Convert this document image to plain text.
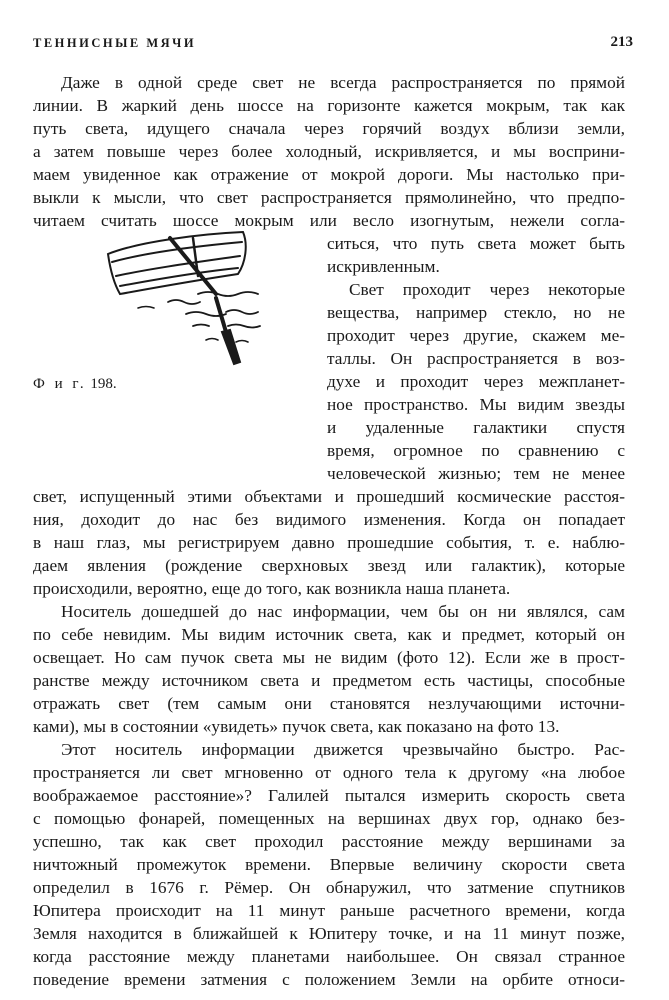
ТЕННИСНЫЕ МЯЧИ	213
Даже в одной среде свет не всегда распространяется по прямой
линии. В жаркий день шоссе на горизонте кажется мокрым, так как
путь света, идущего сначала через горячий воздух вблизи земли,
а затем повыше через более холодный, искривляется, и мы восприни-
маем увиденное как отражение от мокрой дороги. Мы настолько при-
выкли к мысли, что свет распространяется прямолинейно, что предпо-
читаем считать шоссе мокрым или весло изогнутым, нежели согла-
ситься, что путь света может быть
искривленным.
Свет проходит через некоторые
вещества, например стекло, но не
проходит через другие, скажем ме-
таллы. Он распространяется в воз-
духе и проходит через межпланет-
ное пространство. Мы видим звезды
и удаленные галактики спустя
время, огромное по сравнению с
человеческой жизнью; тем не менее
свет, испущенный этими объектами и прошедший космические расстоя-
ния, доходит до нас без видимого изменения. Когда он попадает
в наш глаз, мы регистрируем давно прошедшие события, т. е. наблю-
даем явления (рождение сверхновых звезд или галактик), которые
происходили, вероятно, еще до того, как возникла наша планета.
Носитель дошедшей до нас информации, чем бы он ни являлся, сам
по себе невидим. Мы видим источник света, как и предмет, который он
освещает. Но сам пучок света мы не видим (фото 12). Если же в прост-
ранстве между источником света и предметом есть частицы, способные
отражать свет (тем самым они становятся незлучающими источни-
ками), мы в состоянии «увидеть» пучок света, как показано на фото 13.
Этот носитель информации движется чрезвычайно быстро. Рас-
пространяется ли свет мгновенно от одного тела к другому «на любое
воображаемое расстояние»? Галилей пытался измерить скорость света
с помощью фонарей, помещенных на вершинах двух гор, однако без-
успешно, так как свет проходил расстояние между вершинами за
ничтожный промежуток времени. Впервые величину скорости света
определил в 1676 г. Рёмер. Он обнаружил, что затмение спутников
Юпитера происходит на 11 минут раньше расчетного времени, когда
Земля находится в ближайшей к Юпитеру точке, и на 11 минут позже,
когда расстояние между планетами наибольшее. Он связал странное
поведение времени затмения с положением Земли на орбите относи-
Ф и г. 198.
